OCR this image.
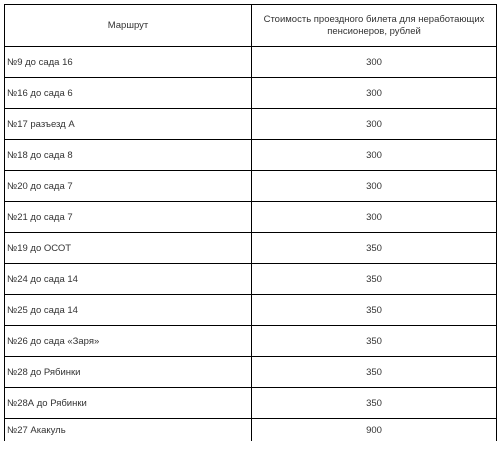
Маршрут	Стоимость проездного билета для неработающих пенсионеров, рублей
№9 до сада 16	300
№16 до сада 6	300
№17 разъезд А	300
№18 до сада 8	300
№20 до сада 7	300
№21 до сада 7	300
№19 до ОСОТ	350
№24 до сада 14	350
№25 до сада 14	350
№26 до сада «Заря»	350
№28 до Рябинки	350
№28А до Рябинки	350
№27 Акакуль	900
